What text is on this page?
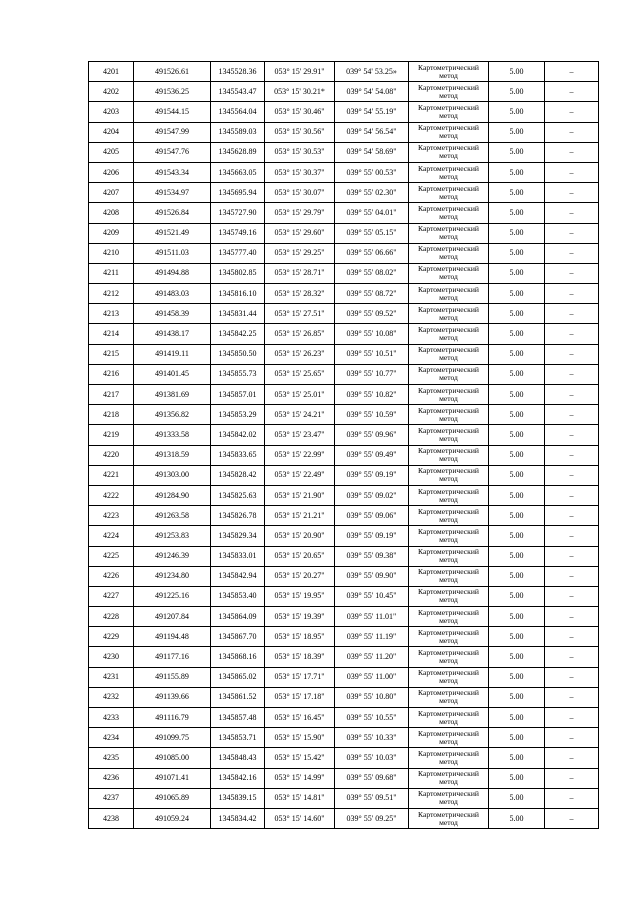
4201	491526.61	1345528.36	053° 15' 29.91"	039° 54' 53.25»	Картометрический метод	5.00	–
4202	491536.25	1345543.47	053° 15' 30.21*	039° 54' 54.08"	Картометрический метод	5.00	–
4203	491544.15	1345564.04	053° 15' 30.46"	039° 54' 55.19"	Картометрический метод	5.00	–
4204	491547.99	1345589.03	053° 15' 30.56"	039° 54' 56.54"	Картометрический метод	5.00	–
4205	491547.76	1345628.89	053° 15' 30.53"	039° 54' 58.69"	Картометрический метод	5.00	–
4206	491543.34	1345663.05	053° 15' 30.37"	039° 55' 00.53"	Картометрический метод	5.00	–
4207	491534.97	1345695.94	053° 15' 30.07"	039° 55' 02.30"	Картометрический метод	5.00	–
4208	491526.84	1345727.90	053° 15' 29.79"	039° 55' 04.01"	Картометрический метод	5.00	–
4209	491521.49	1345749.16	053° 15' 29.60"	039° 55' 05.15"	Картометрический метод	5.00	–
4210	491511.03	1345777.40	053° 15' 29.25"	039° 55' 06.66"	Картометрический метод	5.00	–
4211	491494.88	1345802.85	053° 15' 28.71"	039° 55' 08.02"	Картометрический метод	5.00	–
4212	491483.03	1345816.10	053° 15' 28.32"	039° 55' 08.72"	Картометрический метод	5.00	–
4213	491458.39	1345831.44	053° 15' 27.51"	039° 55' 09.52"	Картометрический метод	5.00	–
4214	491438.17	1345842.25	053° 15' 26.85"	039° 55' 10.08"	Картометрический метод	5.00	–
4215	491419.11	1345850.50	053° 15' 26.23"	039° 55' 10.51"	Картометрический метод	5.00	–
4216	491401.45	1345855.73	053° 15' 25.65"	039° 55' 10.77"	Картометрический метод	5.00	–
4217	491381.69	1345857.01	053° 15' 25.01"	039° 55' 10.82"	Картометрический метод	5.00	–
4218	491356.82	1345853.29	053° 15' 24.21"	039° 55' 10.59"	Картометрический метод	5.00	–
4219	491333.58	1345842.02	053° 15' 23.47"	039° 55' 09.96"	Картометрический метод	5.00	–
4220	491318.59	1345833.65	053° 15' 22.99"	039° 55' 09.49"	Картометрический метод	5.00	–
4221	491303.00	1345828.42	053° 15' 22.49"	039° 55' 09.19"	Картометрический метод	5.00	–
4222	491284.90	1345825.63	053° 15' 21.90"	039° 55' 09.02"	Картометрический метод	5.00	–
4223	491263.58	1345826.78	053° 15' 21.21"	039° 55' 09.06"	Картометрический метод	5.00	–
4224	491253.83	1345829.34	053° 15' 20.90"	039° 55' 09.19"	Картометрический метод	5.00	–
4225	491246.39	1345833.01	053° 15' 20.65"	039° 55' 09.38"	Картометрический метод	5.00	–
4226	491234.80	1345842.94	053° 15' 20.27"	039° 55' 09.90"	Картометрический метод	5.00	–
4227	491225.16	1345853.40	053° 15' 19.95"	039° 55' 10.45"	Картометрический метод	5.00	–
4228	491207.84	1345864.09	053° 15' 19.39"	039° 55' 11.01"	Картометрический метод	5.00	–
4229	491194.48	1345867.70	053° 15' 18.95"	039° 55' 11.19"	Картометрический метод	5.00	–
4230	491177.16	1345868.16	053° 15' 18.39"	039° 55' 11.20"	Картометрический метод	5.00	–
4231	491155.89	1345865.02	053° 15' 17.71"	039° 55' 11.00"	Картометрический метод	5.00	–
4232	491139.66	1345861.52	053° 15' 17.18"	039° 55' 10.80"	Картометрический метод	5.00	–
4233	491116.79	1345857.48	053° 15' 16.45"	039° 55' 10.55"	Картометрический метод	5.00	–
4234	491099.75	1345853.71	053° 15' 15.90"	039° 55' 10.33"	Картометрический метод	5.00	–
4235	491085.00	1345848.43	053° 15' 15.42"	039° 55' 10.03"	Картометрический метод	5.00	–
4236	491071.41	1345842.16	053° 15' 14.99"	039° 55' 09.68"	Картометрический метод	5.00	–
4237	491065.89	1345839.15	053° 15' 14.81"	039° 55' 09.51"	Картометрический метод	5.00	–
4238	491059.24	1345834.42	053° 15' 14.60"	039° 55' 09.25"	Картометрический метод	5.00	–
